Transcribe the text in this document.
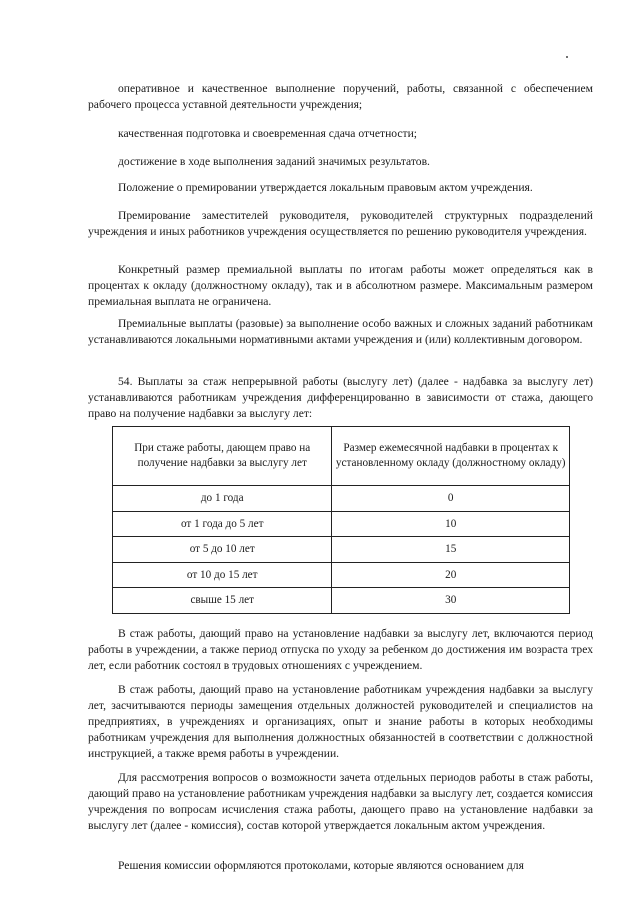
оперативное и качественное выполнение поручений, работы, связанной с обеспечением рабочего процесса уставной деятельности учреждения;

качественная подготовка и своевременная сдача отчетности;

достижение в ходе выполнения заданий значимых результатов.

Положение о премировании утверждается локальным правовым актом учреждения.

Премирование заместителей руководителя, руководителей структурных подразделений учреждения и иных работников учреждения осуществляется по решению руководителя учреждения.

Конкретный размер премиальной выплаты по итогам работы может определяться как в процентах к окладу (должностному окладу), так и в абсолютном размере. Максимальным размером премиальная выплата не ограничена.

Премиальные выплаты (разовые) за выполнение особо важных и сложных заданий работникам устанавливаются локальными нормативными актами учреждения и (или) коллективным договором.

54. Выплаты за стаж непрерывной работы (выслугу лет) (далее - надбавка за выслугу лет) устанавливаются работникам учреждения дифференцированно в зависимости от стажа, дающего право на получение надбавки за выслугу лет:

При стаже работы, дающем право на получение надбавки за выслугу лет	Размер ежемесячной надбавки в процентах к установленному окладу (должностному окладу)
до 1 года	0
от 1 года до 5 лет	10
от 5 до 10 лет	15
от 10 до 15 лет	20
свыше 15 лет	30

В стаж работы, дающий право на установление надбавки за выслугу лет, включаются период работы в учреждении, а также период отпуска по уходу за ребенком до достижения им возраста трех лет, если работник состоял в трудовых отношениях с учреждением.

В стаж работы, дающий право на установление работникам учреждения надбавки за выслугу лет, засчитываются периоды замещения отдельных должностей руководителей и специалистов на предприятиях, в учреждениях и организациях, опыт и знание работы в которых необходимы работникам учреждения для выполнения должностных обязанностей в соответствии с должностной инструкцией, а также время работы в учреждении.

Для рассмотрения вопросов о возможности зачета отдельных периодов работы в стаж работы, дающий право на установление работникам учреждения надбавки за выслугу лет, создается комиссия учреждения по вопросам исчисления стажа работы, дающего право на установление надбавки за выслугу лет (далее - комиссия), состав которой утверждается локальным актом учреждения.

Решения комиссии оформляются протоколами, которые являются основанием для
